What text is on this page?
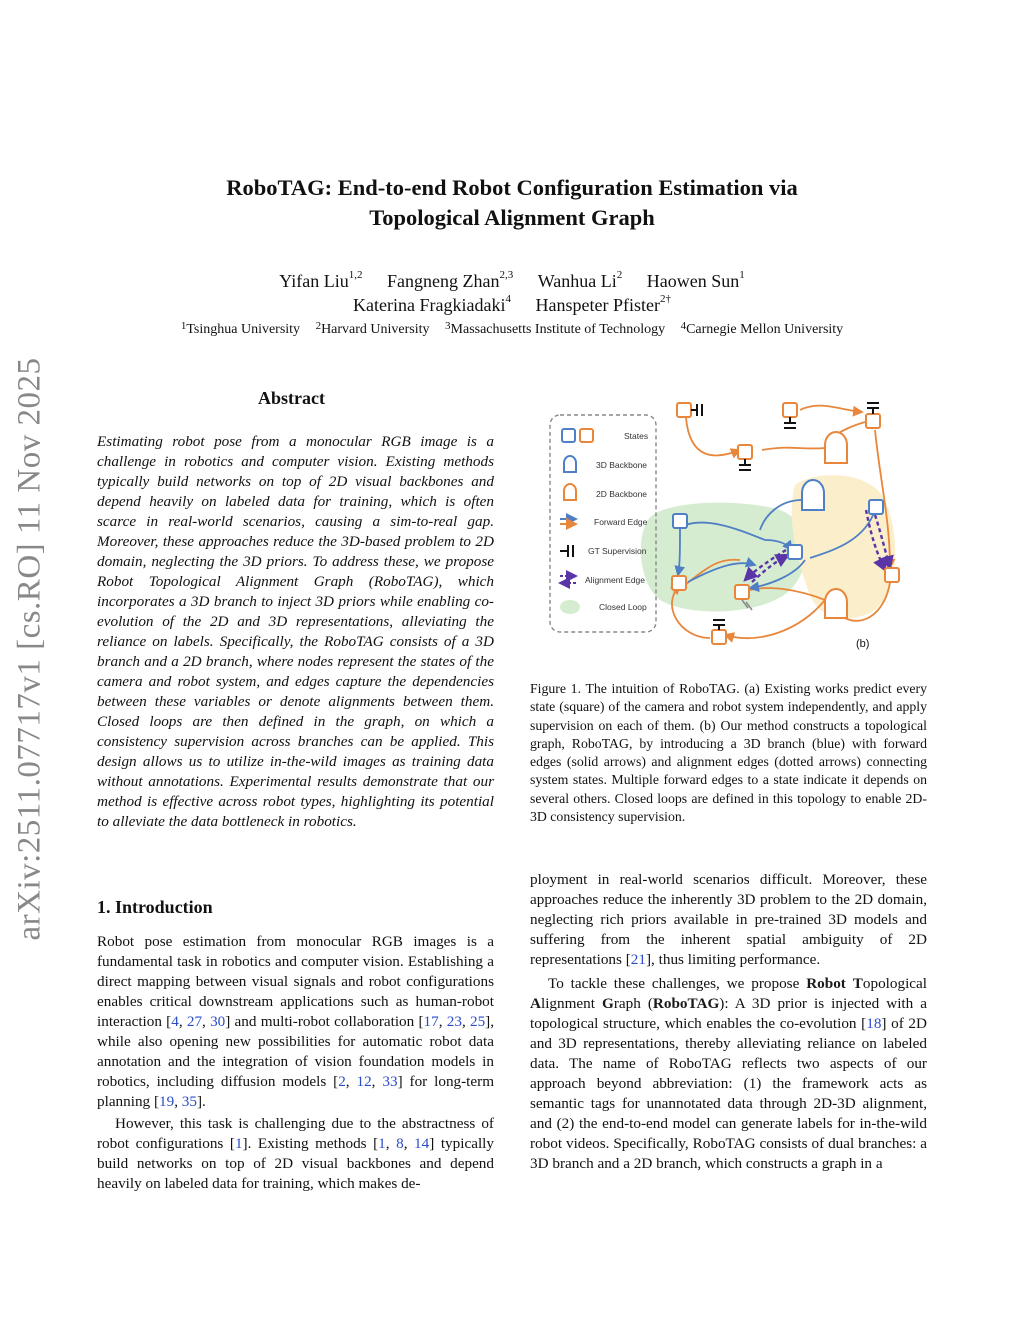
arXiv:2511.07717v1 [cs.RO] 11 Nov 2025
RoboTAG: End-to-end Robot Configuration Estimation via
Topological Alignment Graph
Yifan Liu$^{1,2}$ Fangneng Zhan$^{2,3}$ Wanhua Li$^2$ Haowen Sun$^1$
Katerina Fragkiadaki$^4$ Hanspeter Pfister$^{2\dagger}$
$^1$Tsinghua University $^2$Harvard University $^3$Massachusetts Institute of Technology $^4$Carnegie Mellon University
Abstract

Estimating robot pose from a monocular RGB image is a challenge in robotics and computer vision. Existing methods typically build networks on top of 2D visual backbones and depend heavily on labeled data for training, which is often scarce in real-world scenarios, causing a sim-to-real gap. Moreover, these approaches reduce the 3D-based problem to 2D domain, neglecting the 3D priors. To address these, we propose Robot Topological Alignment Graph (RoboTAG), which incorporates a 3D branch to inject 3D priors while enabling co-evolution of the 2D and 3D representations, alleviating the reliance on labels. Specifically, the RoboTAG consists of a 3D branch and a 2D branch, where nodes represent the states of the camera and robot system, and edges capture the dependencies between these variables or denote alignments between them. Closed loops are then defined in the graph, on which a consistency supervision across branches can be applied. This design allows us to utilize in-the-wild images as training data without annotations. Experimental results demonstrate that our method is effective across robot types, highlighting its potential to alleviate the data bottleneck in robotics.

States
3D Backbone
2D Backbone
Forward Edge
GT Supervision
Alignment Edge
Closed Loop
(b)
Figure 1. The intuition of RoboTAG. (a) Existing works predict every state (square) of the camera and robot system independently, and apply supervision on each of them. (b) Our method constructs a topological graph, RoboTAG, by introducing a 3D branch (blue) with forward edges (solid arrows) and alignment edges (dotted arrows) connecting system states. Multiple forward edges to a state indicate it depends on several others. Closed loops are defined in this topology to enable 2D-3D consistency supervision.
1. Introduction

Robot pose estimation from monocular RGB images is a fundamental task in robotics and computer vision. Establishing a direct mapping between visual signals and robot configurations enables critical downstream applications such as human-robot interaction [4, 27, 30] and multi-robot collaboration [17, 23, 25], while also opening new possibilities for automatic robot data annotation and the integration of vision foundation models in robotics, including diffusion models [2, 12, 33] for long-term planning [19, 35].

However, this task is challenging due to the abstractness of robot configurations [1]. Existing methods [1, 8, 14] typically build networks on top of 2D visual backbones and depend heavily on labeled data for training, which makes de-

ployment in real-world scenarios difficult. Moreover, these approaches reduce the inherently 3D problem to the 2D domain, neglecting rich priors available in pre-trained 3D models and suffering from the inherent spatial ambiguity of 2D representations [21], thus limiting performance.

To tackle these challenges, we propose Robot Topological Alignment Graph (RoboTAG): A 3D prior is injected with a topological structure, which enables the co-evolution [18] of 2D and 3D representations, thereby alleviating reliance on labeled data. The name of RoboTAG reflects two aspects of our approach beyond abbreviation: (1) the framework acts as semantic tags for unannotated data through 2D-3D alignment, and (2) the end-to-end model can generate labels for in-the-wild robot videos. Specifically, RoboTAG consists of dual branches: a 3D branch and a 2D branch, which constructs a graph in a
